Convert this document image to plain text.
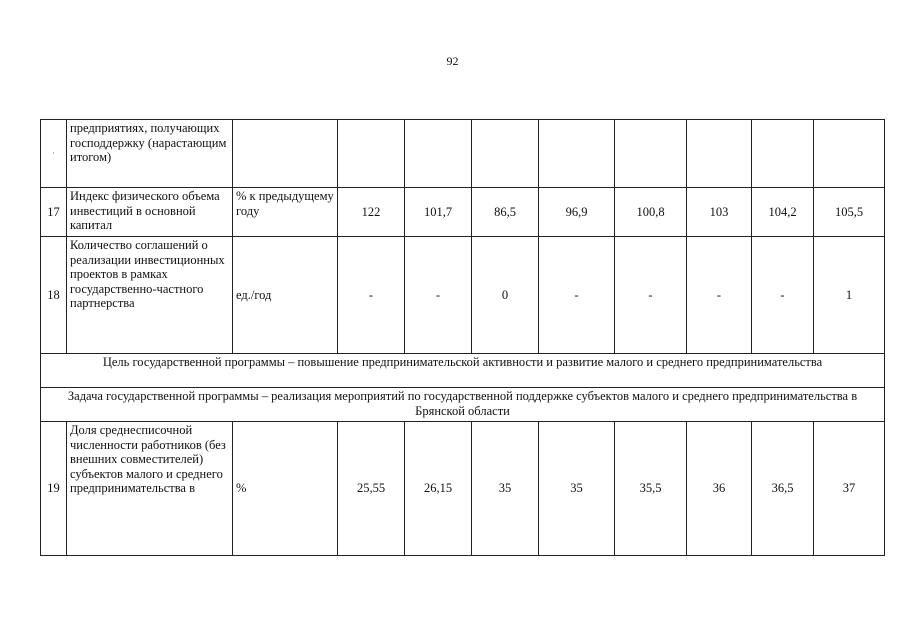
92
·	предприятиях, получающих господдержку (нарастающим итогом)									
17	Индекс физического объема инвестиций в основной капитал	% к предыдущему году	122	101,7	86,5	96,9	100,8	103	104,2	105,5
18	Количество соглашений о реализации инвестиционных проектов в рамках государственно-частного партнерства	ед./год	-	-	0	-	-	-	-	1
Цель государственной программы – повышение предпринимательской активности и развитие малого и среднего предпринимательства										
Задача государственной программы – реализация мероприятий по государственной поддержке субъектов малого и среднего предпринимательства в Брянской области										
19	Доля среднесписочной численности работников (без внешних совместителей) субъектов малого и среднего предпринимательства в	%	25,55	26,15	35	35	35,5	36	36,5	37
